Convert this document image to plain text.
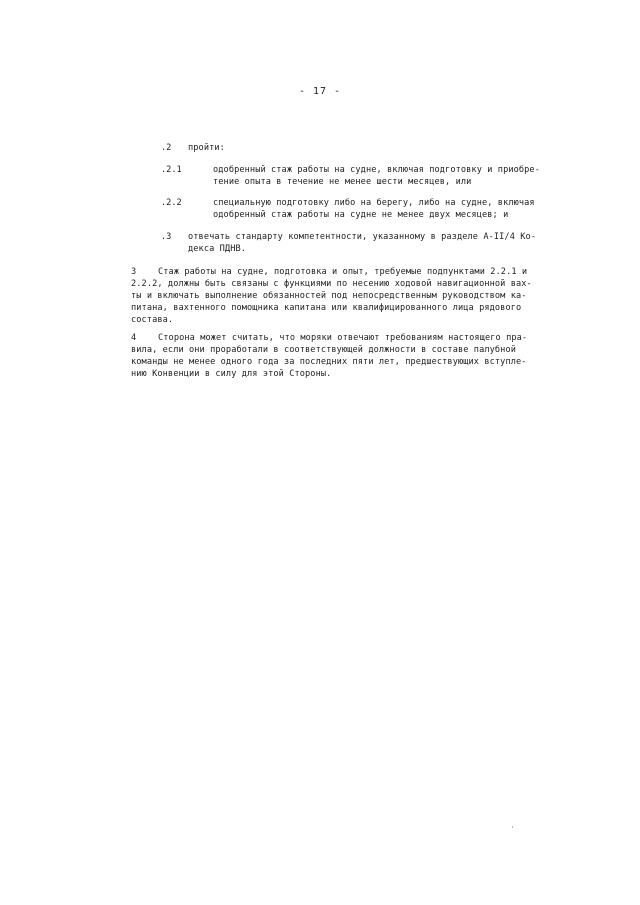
- 17 -
.2 пройти:
.2.1	одобренный стаж работы на судне, включая подготовку и приобре-
тение опыта в течение не менее шести месяцев, или
.2.2	специальную подготовку либо на берегу, либо на судне, включая
одобренный стаж работы на судне не менее двух месяцев; и
.3 отвечать стандарту компетентности, указанному в разделе А-II/4 Ко-
декса ПДНВ.
3	Стаж работы на судне, подготовка и опыт, требуемые подпунктами 2.2.1 и
2.2.2, должны быть связаны с функциями по несению ходовой навигационной вах-
ты и включать выполнение обязанностей под непосредственным руководством ка-
питана, вахтенного помощника капитана или квалифицированного лица рядового
состава.
4	Сторона может считать, что моряки отвечают требованиям настоящего пра-
вила, если они проработали в соответствующей должности в составе палубной
команды не менее одного года за последних пяти лет, предшествующих вступле-
нию Конвенции в силу для этой Стороны.
